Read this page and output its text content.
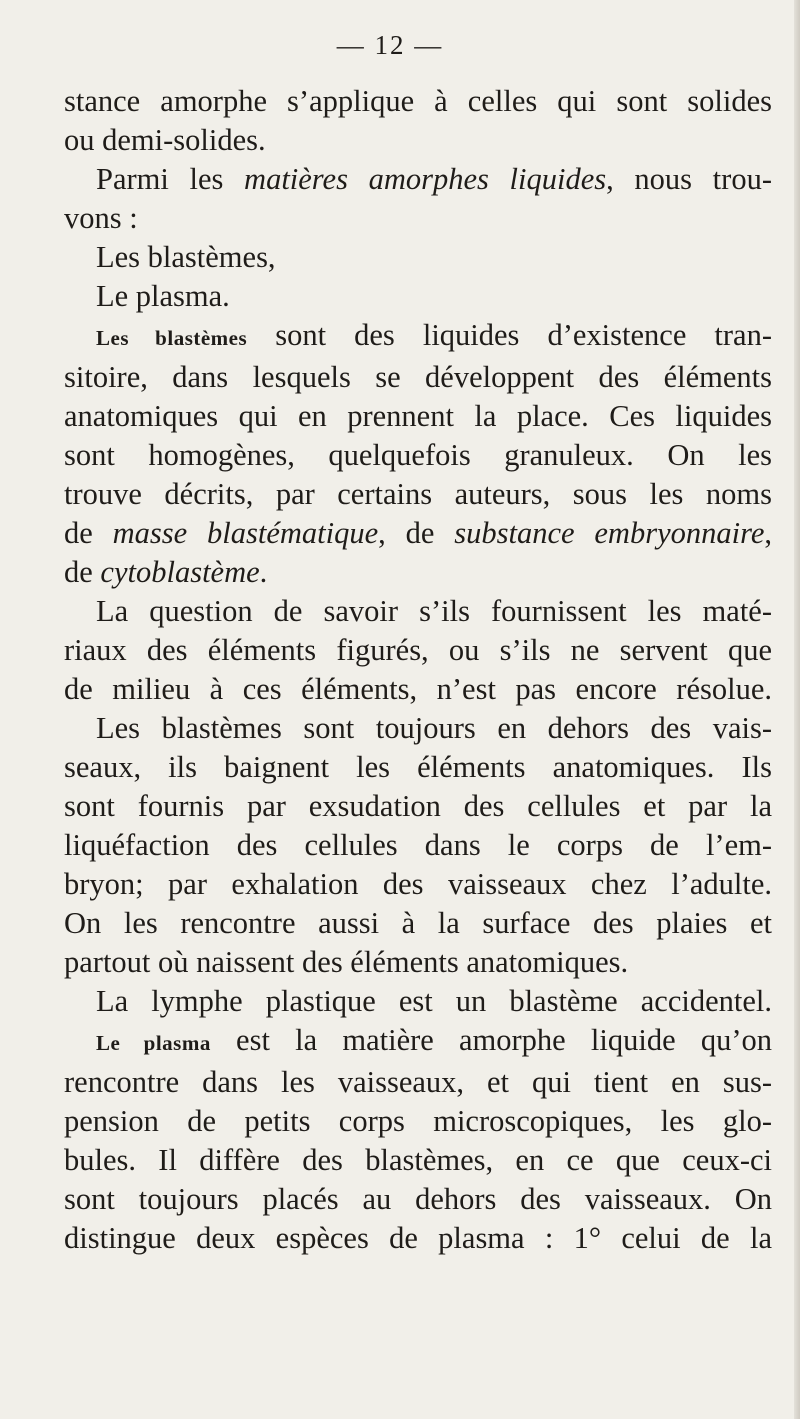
— 12 —
stance amorphe s’applique à celles qui sont solides
ou demi-solides.
Parmi les matières amorphes liquides, nous trou-
vons :
Les blastèmes,
Le plasma.
Les blastèmes sont des liquides d’existence tran-
sitoire, dans lesquels se développent des éléments
anatomiques qui en prennent la place. Ces liquides
sont homogènes, quelquefois granuleux. On les
trouve décrits, par certains auteurs, sous les noms
de masse blastématique, de substance embryonnaire,
de cytoblastème.
La question de savoir s’ils fournissent les maté-
riaux des éléments figurés, ou s’ils ne servent que
de milieu à ces éléments, n’est pas encore résolue.
Les blastèmes sont toujours en dehors des vais-
seaux, ils baignent les éléments anatomiques. Ils
sont fournis par exsudation des cellules et par la
liquéfaction des cellules dans le corps de l’em-
bryon; par exhalation des vaisseaux chez l’adulte.
On les rencontre aussi à la surface des plaies et
partout où naissent des éléments anatomiques.
La lymphe plastique est un blastème accidentel.
Le plasma est la matière amorphe liquide qu’on
rencontre dans les vaisseaux, et qui tient en sus-
pension de petits corps microscopiques, les glo-
bules. Il diffère des blastèmes, en ce que ceux-ci
sont toujours placés au dehors des vaisseaux. On
distingue deux espèces de plasma : 1° celui de la
